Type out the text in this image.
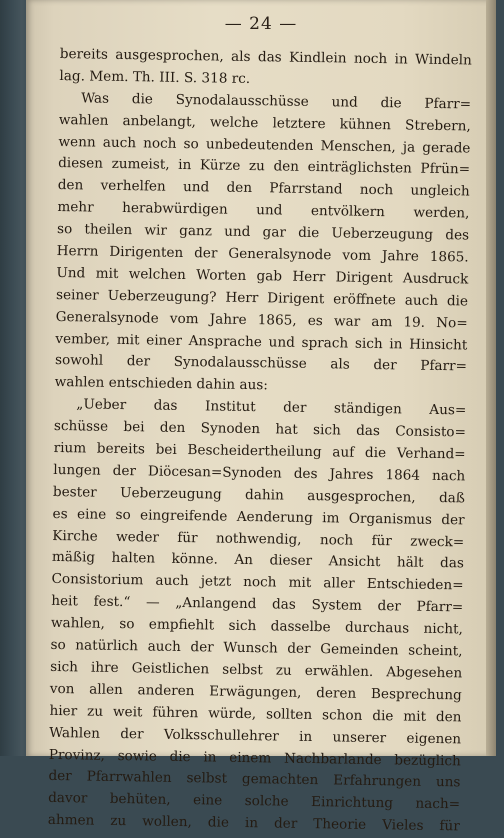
— 24 —
bereits ausgesprochen, als das Kindlein noch in Windeln
lag. Mem. Th. III. S. 318 rc.
Was die Synodalausschüsse und die Pfarr=
wahlen anbelangt, welche letztere kühnen Strebern,
wenn auch noch so unbedeutenden Menschen, ja gerade
diesen zumeist, in Kürze zu den einträglichsten Pfrün=
den verhelfen und den Pfarrstand noch ungleich
mehr herabwürdigen und entvölkern werden,
so theilen wir ganz und gar die Ueberzeugung des
Herrn Dirigenten der Generalsynode vom Jahre 1865.
Und mit welchen Worten gab Herr Dirigent Ausdruck
seiner Ueberzeugung? Herr Dirigent eröffnete auch die
Generalsynode vom Jahre 1865, es war am 19. No=
vember, mit einer Ansprache und sprach sich in Hinsicht
sowohl der Synodalausschüsse als der Pfarr=
wahlen entschieden dahin aus:
„Ueber das Institut der ständigen Aus=
schüsse bei den Synoden hat sich das Consisto=
rium bereits bei Bescheidertheilung auf die Verhand=
lungen der Diöcesan=Synoden des Jahres 1864 nach
bester Ueberzeugung dahin ausgesprochen, daß
es eine so eingreifende Aenderung im Organismus der
Kirche weder für nothwendig, noch für zweck=
mäßig halten könne. An dieser Ansicht hält das
Consistorium auch jetzt noch mit aller Entschieden=
heit fest.“ — „Anlangend das System der Pfarr=
wahlen, so empfiehlt sich dasselbe durchaus nicht,
so natürlich auch der Wunsch der Gemeinden scheint,
sich ihre Geistlichen selbst zu erwählen. Abgesehen
von allen anderen Erwägungen, deren Besprechung
hier zu weit führen würde, sollten schon die mit den
Wahlen der Volksschullehrer in unserer eigenen
Provinz, sowie die in einem Nachbarlande bezüglich
der Pfarrwahlen selbst gemachten Erfahrungen uns
davor behüten, eine solche Einrichtung nach=
ahmen zu wollen, die in der Theorie Vieles für
